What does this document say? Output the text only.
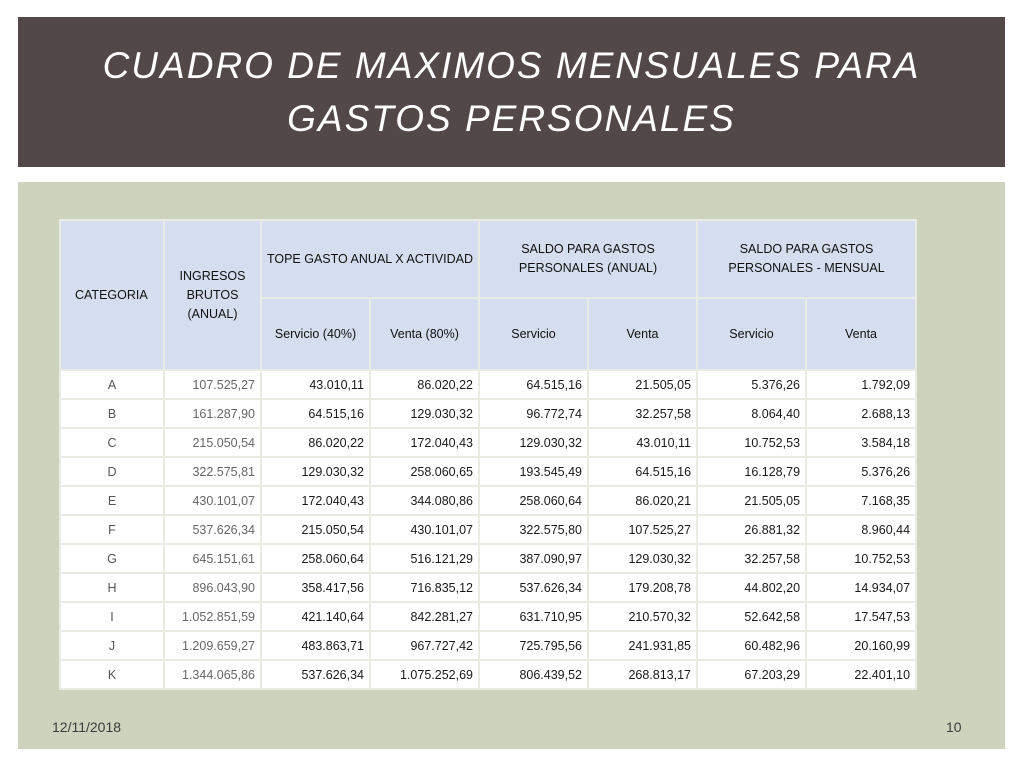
CUADRO DE MAXIMOS MENSUALES PARA GASTOS PERSONALES
CATEGORIA	INGRESOS BRUTOS (ANUAL)	TOPE GASTO ANUAL X ACTIVIDAD		SALDO PARA GASTOS PERSONALES (ANUAL)		SALDO PARA GASTOS PERSONALES - MENSUAL	
		Servicio (40%)	Venta (80%)	Servicio	Venta	Servicio	Venta
A	107.525,27	43.010,11	86.020,22	64.515,16	21.505,05	5.376,26	1.792,09
B	161.287,90	64.515,16	129.030,32	96.772,74	32.257,58	8.064,40	2.688,13
C	215.050,54	86.020,22	172.040,43	129.030,32	43.010,11	10.752,53	3.584,18
D	322.575,81	129.030,32	258.060,65	193.545,49	64.515,16	16.128,79	5.376,26
E	430.101,07	172.040,43	344.080,86	258.060,64	86.020,21	21.505,05	7.168,35
F	537.626,34	215.050,54	430.101,07	322.575,80	107.525,27	26.881,32	8.960,44
G	645.151,61	258.060,64	516.121,29	387.090,97	129.030,32	32.257,58	10.752,53
H	896.043,90	358.417,56	716.835,12	537.626,34	179.208,78	44.802,20	14.934,07
I	1.052.851,59	421.140,64	842.281,27	631.710,95	210.570,32	52.642,58	17.547,53
J	1.209.659,27	483.863,71	967.727,42	725.795,56	241.931,85	60.482,96	20.160,99
K	1.344.065,86	537.626,34	1.075.252,69	806.439,52	268.813,17	67.203,29	22.401,10
12/11/2018	10
